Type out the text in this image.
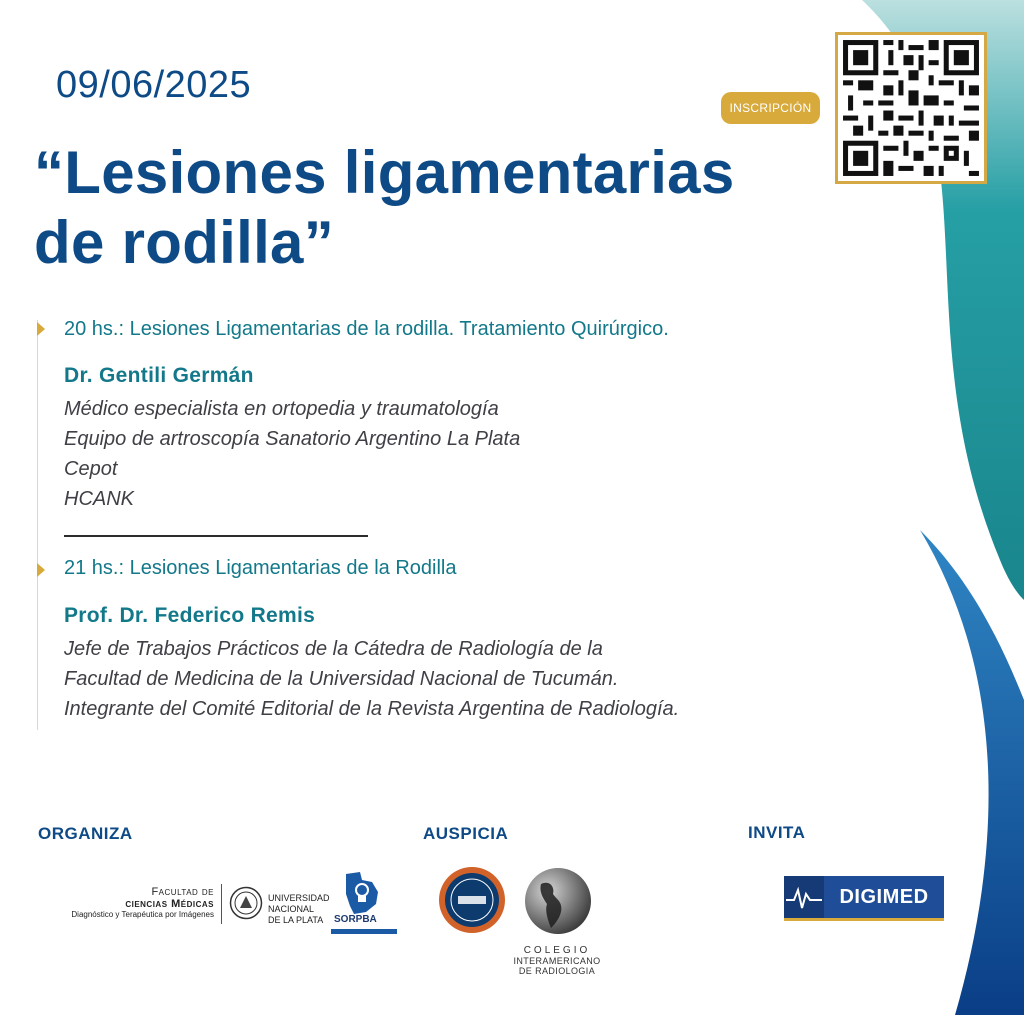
09/06/2025
“Lesiones ligamentarias
de rodilla”
INSCRIPCIÓN
20 hs.: Lesiones Ligamentarias de la rodilla. Tratamiento Quirúrgico.
Dr. Gentili Germán
Médico especialista en ortopedia y traumatología
Equipo de artroscopía Sanatorio Argentino La Plata
Cepot
HCANK
21 hs.: Lesiones Ligamentarias de la Rodilla
Prof. Dr. Federico Remis
Jefe de Trabajos Prácticos de la Cátedra de Radiología de la
Facultad de Medicina de la Universidad Nacional de Tucumán.
Integrante del Comité Editorial de la Revista Argentina de Radiología.
ORGANIZA	AUSPICIA	INVITA
Facultad de
ciencias Médicas
Diagnóstico y Terapéutica por Imágenes
UNIVERSIDAD
NACIONAL
DE LA PLATA	SORPBA
COLEGIO
INTERAMERICANO
DE RADIOLOGIA
DIGIMED
